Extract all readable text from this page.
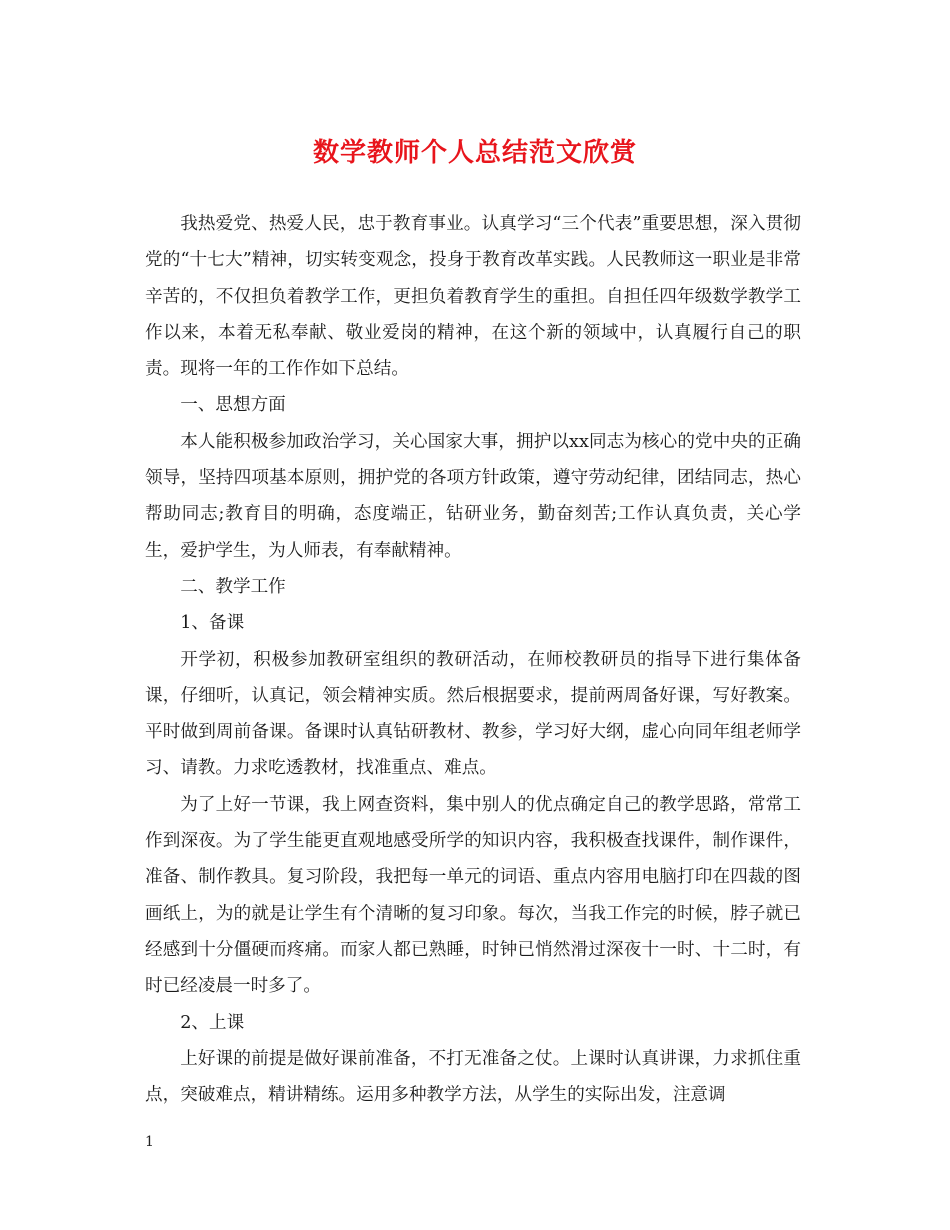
数学教师个人总结范文欣赏

我热爱党、热爱人民，忠于教育事业。认真学习“三个代表”重要思想，深入贯彻党的“十七大”精神，切实转变观念，投身于教育改革实践。人民教师这一职业是非常辛苦的，不仅担负着教学工作，更担负着教育学生的重担。自担任四年级数学教学工作以来，本着无私奉献、敬业爱岗的精神，在这个新的领域中，认真履行自己的职责。现将一年的工作作如下总结。

一、思想方面

本人能积极参加政治学习，关心国家大事，拥护以xx同志为核心的党中央的正确领导，坚持四项基本原则，拥护党的各项方针政策，遵守劳动纪律，团结同志，热心帮助同志;教育目的明确，态度端正，钻研业务，勤奋刻苦;工作认真负责，关心学生，爱护学生，为人师表，有奉献精神。

二、教学工作

1、备课

开学初，积极参加教研室组织的教研活动，在师校教研员的指导下进行集体备课，仔细听，认真记，领会精神实质。然后根据要求，提前两周备好课，写好教案。平时做到周前备课。备课时认真钻研教材、教参，学习好大纲，虚心向同年组老师学习、请教。力求吃透教材，找准重点、难点。

为了上好一节课，我上网查资料，集中别人的优点确定自己的教学思路，常常工作到深夜。为了学生能更直观地感受所学的知识内容，我积极查找课件，制作课件，准备、制作教具。复习阶段，我把每一单元的词语、重点内容用电脑打印在四裁的图画纸上，为的就是让学生有个清晰的复习印象。每次，当我工作完的时候，脖子就已经感到十分僵硬而疼痛。而家人都已熟睡，时钟已悄然滑过深夜十一时、十二时，有时已经凌晨一时多了。

2、上课

上好课的前提是做好课前准备，不打无准备之仗。上课时认真讲课，力求抓住重点，突破难点，精讲精练。运用多种教学方法，从学生的实际出发，注意调

1
